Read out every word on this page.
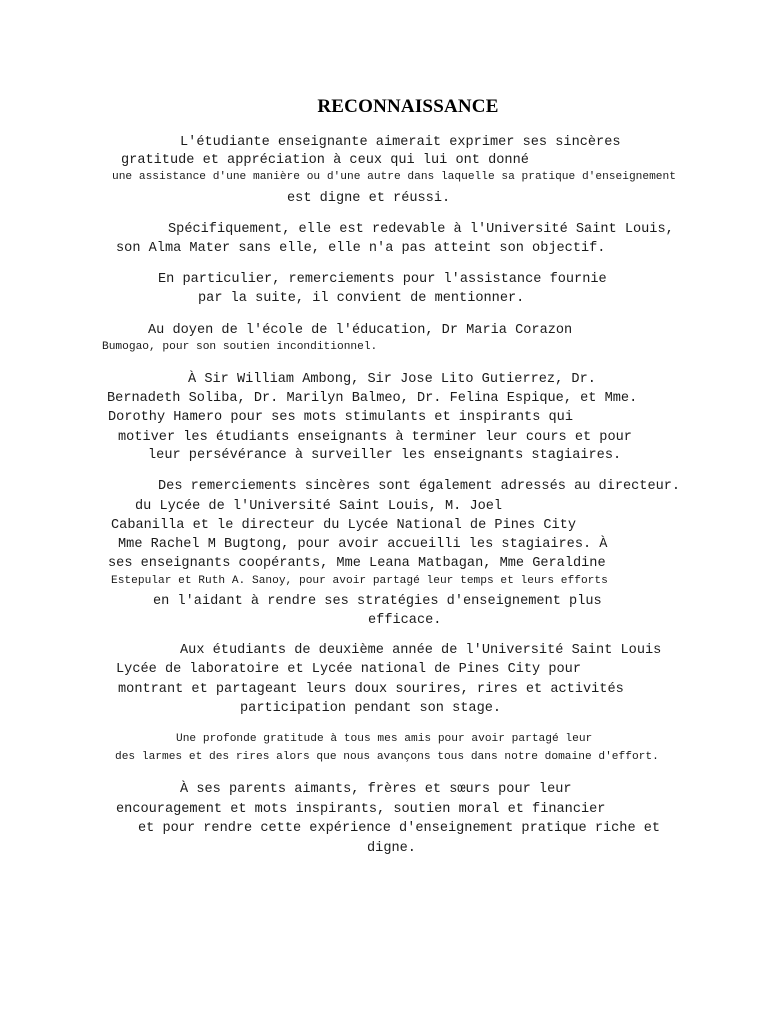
RECONNAISSANCE
L'étudiante enseignante aimerait exprimer ses sincères
gratitude et appréciation à ceux qui lui ont donné
une assistance d'une manière ou d'une autre dans laquelle sa pratique d'enseignement
est digne et réussi.
Spécifiquement, elle est redevable à l'Université Saint Louis,
son Alma Mater sans elle, elle n'a pas atteint son objectif.
En particulier, remerciements pour l'assistance fournie
par la suite, il convient de mentionner.
Au doyen de l'école de l'éducation, Dr Maria Corazon
Bumogao, pour son soutien inconditionnel.
À Sir William Ambong, Sir Jose Lito Gutierrez, Dr.
Bernadeth Soliba, Dr. Marilyn Balmeo, Dr. Felina Espique, et Mme.
Dorothy Hamero pour ses mots stimulants et inspirants qui
motiver les étudiants enseignants à terminer leur cours et pour
leur persévérance à surveiller les enseignants stagiaires.
Des remerciements sincères sont également adressés au directeur.
du Lycée de l'Université Saint Louis, M. Joel
Cabanilla et le directeur du Lycée National de Pines City
Mme Rachel M Bugtong, pour avoir accueilli les stagiaires. À
ses enseignants coopérants, Mme Leana Matbagan, Mme Geraldine
Estepular et Ruth A. Sanoy, pour avoir partagé leur temps et leurs efforts
en l'aidant à rendre ses stratégies d'enseignement plus
efficace.
Aux étudiants de deuxième année de l'Université Saint Louis
Lycée de laboratoire et Lycée national de Pines City pour
montrant et partageant leurs doux sourires, rires et activités
participation pendant son stage.
Une profonde gratitude à tous mes amis pour avoir partagé leur
des larmes et des rires alors que nous avançons tous dans notre domaine d'effort.
À ses parents aimants, frères et sœurs pour leur
encouragement et mots inspirants, soutien moral et financier
et pour rendre cette expérience d'enseignement pratique riche et
digne.
